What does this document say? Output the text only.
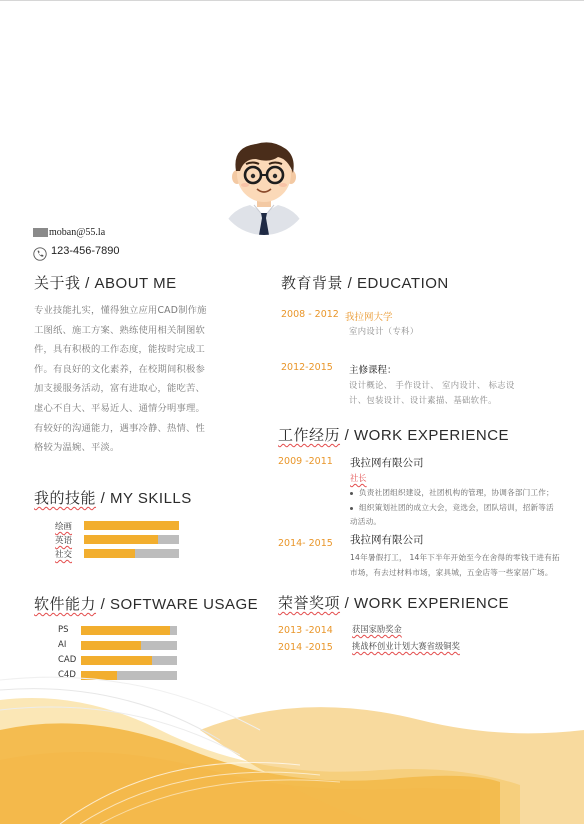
moban@55.la
123-456-7890
关于我 / ABOUT ME
专业技能扎实，懂得独立应用CAD制作施工图纸、施工方案、熟练使用相关制图软件，具有积极的工作态度，能按时完成工作。有良好的文化素养，在校期间积极参加支援服务活动，富有进取心，能吃苦、虚心不自大、平易近人、通情分明事理。有较好的沟通能力，遇事冷静、热情、性格较为温婉、平淡。
我的技能 / MY SKILLS
绘画
英语
社交
软件能力 / SOFTWARE USAGE
PS
AI
CAD
C4D
教育背景 / EDUCATION
2008 - 2012 我拉网大学
室内设计（专科）
2012-2015 主修课程：
设计概论、 手作设计、 室内设计、 标志设
计、包装设计、设计素描、基础软件。
工作经历 / WORK EXPERIENCE
2009 -2011 我拉网有限公司
社长
负责社团组织建设，社团机构的管理，协调各部门工作；
组织策划社团的成立大会，竞选会，团队培训，招新等活
动活动。
2014- 2015 我拉网有限公司
14年暑假打工， 14年下半年开始至今在舍得的零钱干进有拓
市场，有去过材料市场，家具城，五金店等一些家居广场。
荣誉奖项 / WORK EXPERIENCE
2013 -2014 获国家励奖金
2014 -2015 挑战杯创业计划大赛省级铜奖
